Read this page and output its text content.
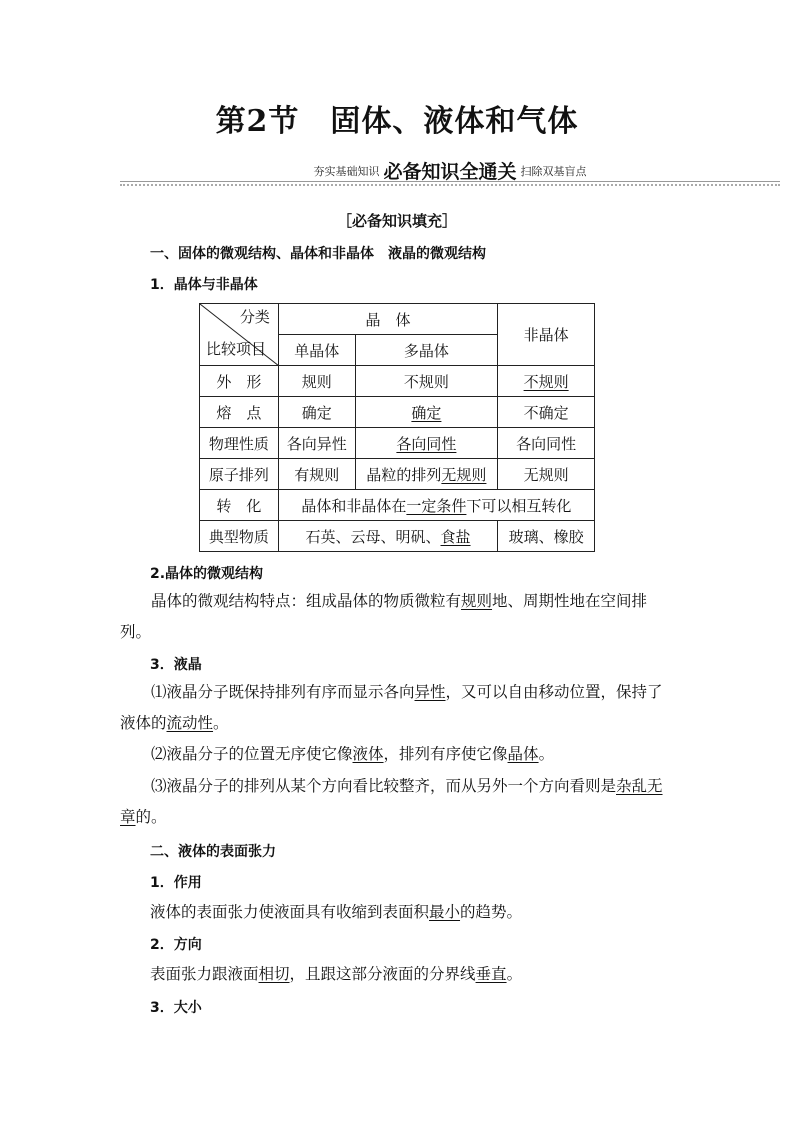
第2节　固体、液体和气体
夯实基础知识 必备知识全通关 扫除双基盲点
［必备知识填充］
一、固体的微观结构、晶体和非晶体　液晶的微观结构
1．晶体与非晶体
分类
比较项目	晶　体		非晶体
	单晶体	多晶体	
外　形	规则	不规则	不规则
熔　点	确定	确定	不确定
物理性质	各向异性	各向同性	各向同性
原子排列	有规则	晶粒的排列无规则	无规则
转　化	晶体和非晶体在一定条件下可以相互转化		
典型物质	石英、云母、明矾、食盐		玻璃、橡胶
2.晶体的微观结构
晶体的微观结构特点：组成晶体的物质微粒有规则地、周期性地在空间排列。
3．液晶
⑴液晶分子既保持排列有序而显示各向异性，又可以自由移动位置，保持了液体的流动性。
⑵液晶分子的位置无序使它像液体，排列有序使它像晶体。
⑶液晶分子的排列从某个方向看比较整齐，而从另外一个方向看则是杂乱无章的。
二、液体的表面张力
1．作用
液体的表面张力使液面具有收缩到表面积最小的趋势。
2．方向
表面张力跟液面相切，且跟这部分液面的分界线垂直。
3．大小
